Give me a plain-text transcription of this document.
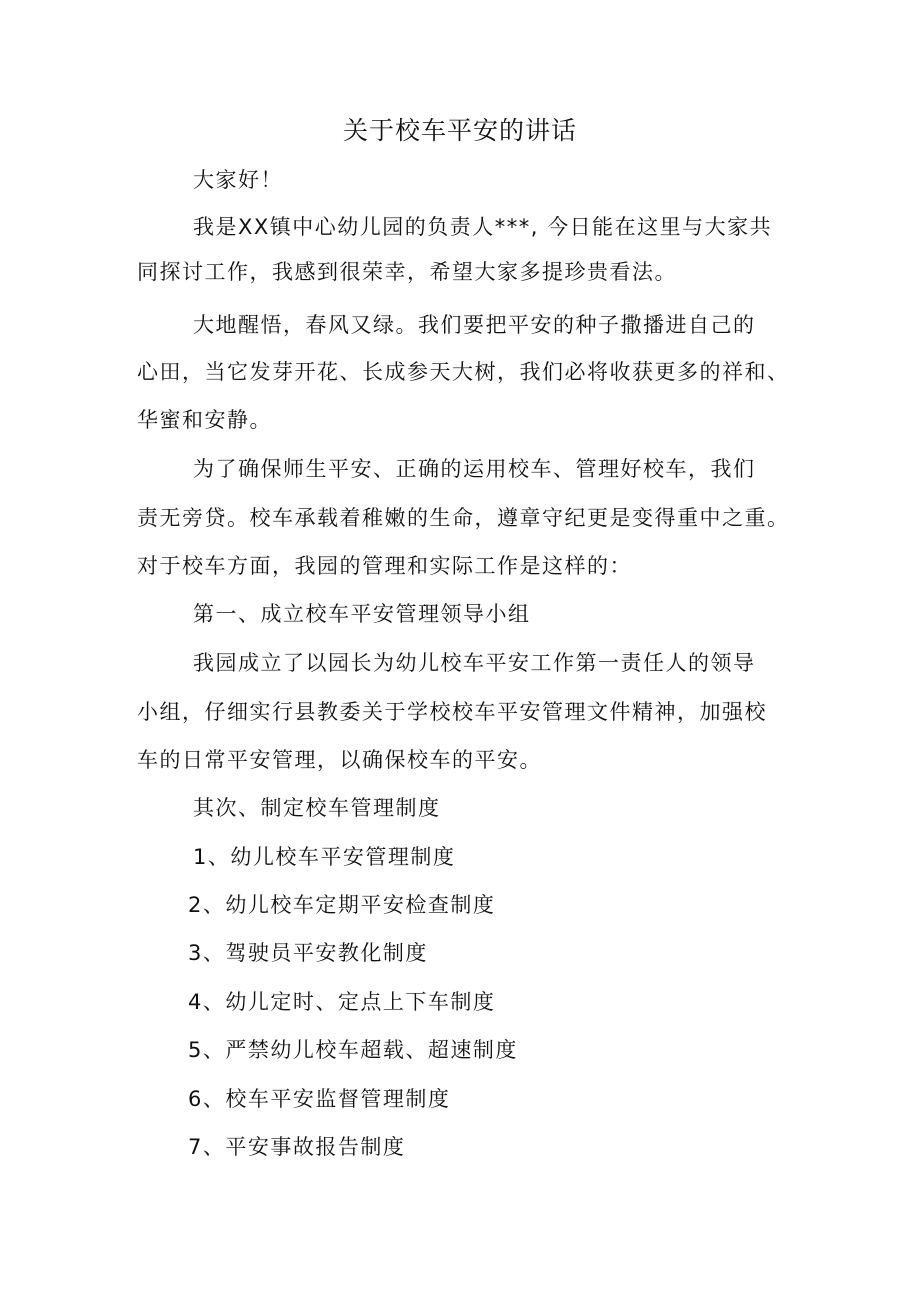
关于校车平安的讲话
大家好！
我是XX镇中心幼儿园的负责人***, 今日能在这里与大家共
同探讨工作，我感到很荣幸，希望大家多提珍贵看法。
大地醒悟，春风又绿。我们要把平安的种子撒播进自己的
心田，当它发芽开花、长成参天大树，我们必将收获更多的祥和、
华蜜和安静。
为了确保师生平安、正确的运用校车、管理好校车，我们
责无旁贷。校车承载着稚嫩的生命，遵章守纪更是变得重中之重。
对于校车方面，我园的管理和实际工作是这样的：
第一、成立校车平安管理领导小组
我园成立了以园长为幼儿校车平安工作第一责任人的领导
小组，仔细实行县教委关于学校校车平安管理文件精神，加强校
车的日常平安管理，以确保校车的平安。
其次、制定校车管理制度
1、幼儿校车平安管理制度
2、幼儿校车定期平安检查制度
3、驾驶员平安教化制度
4、幼儿定时、定点上下车制度
5、严禁幼儿校车超载、超速制度
6、校车平安监督管理制度
7、平安事故报告制度
